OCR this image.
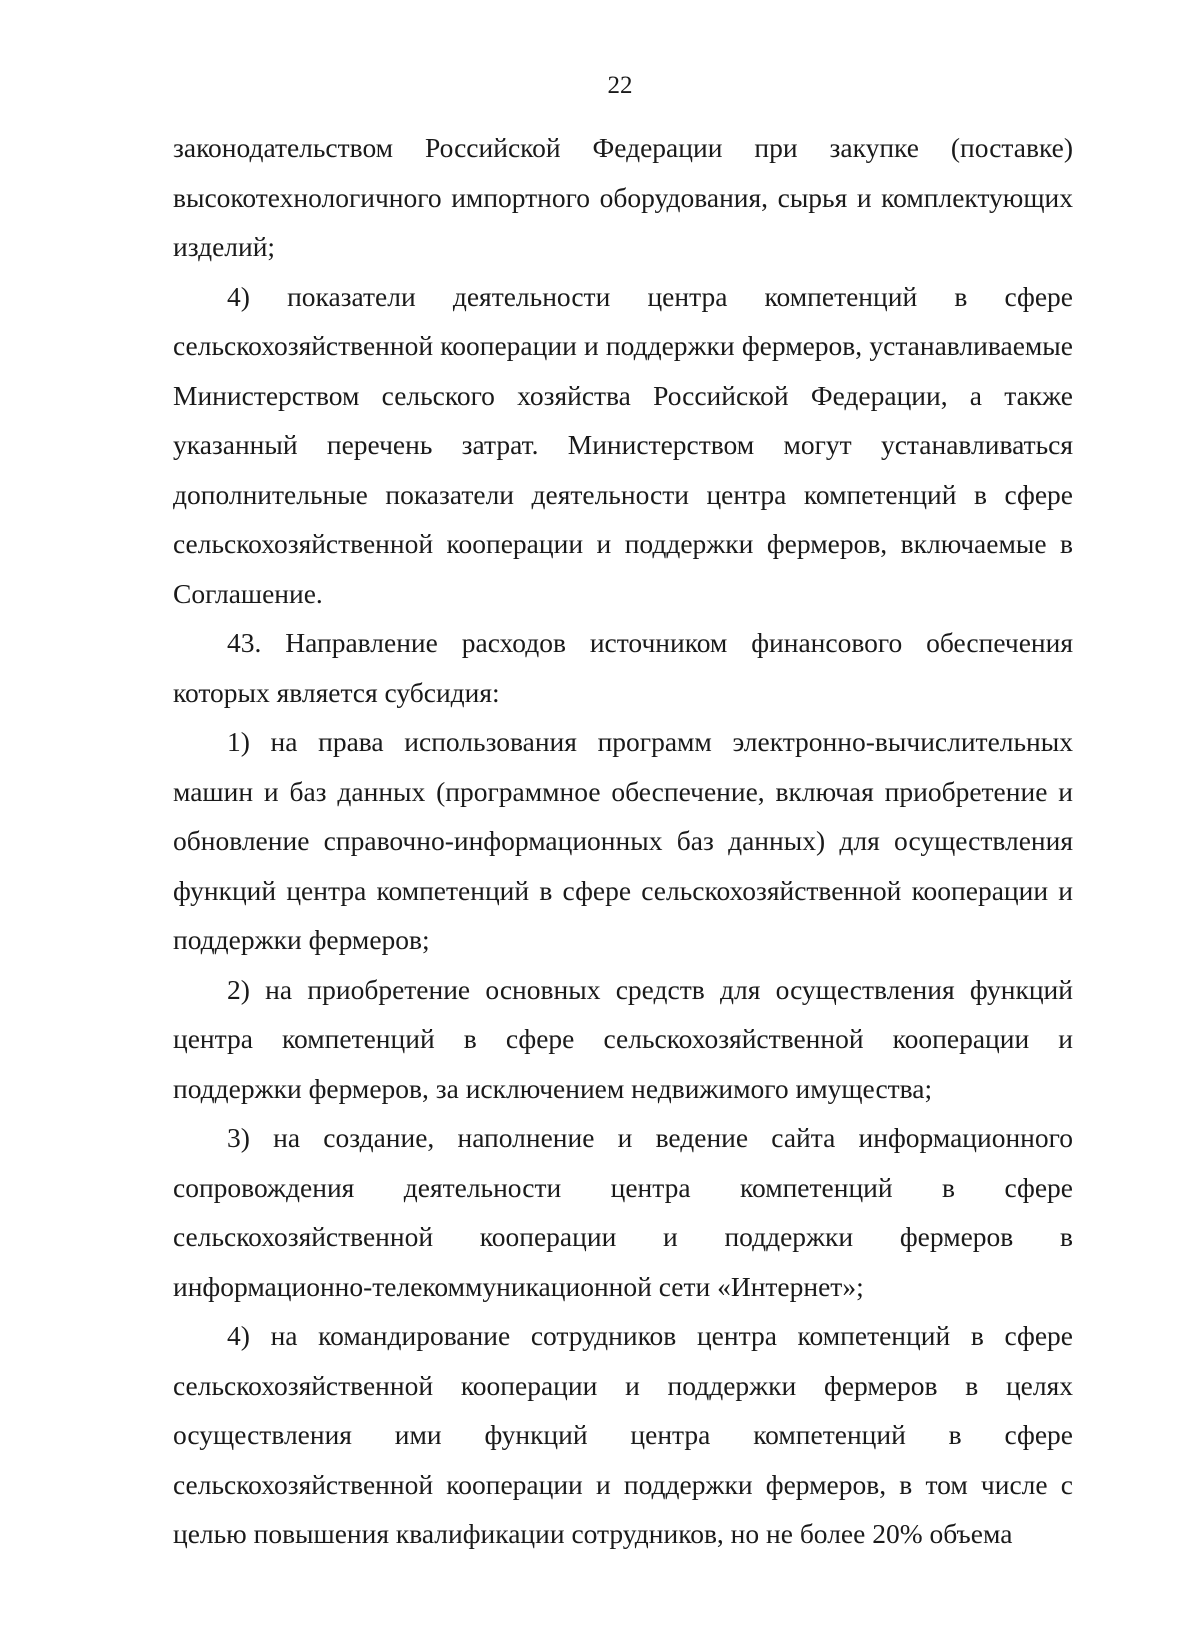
22

законодательством Российской Федерации при закупке (поставке) высокотехнологичного импортного оборудования, сырья и комплектующих изделий;

4) показатели деятельности центра компетенций в сфере сельскохозяйственной кооперации и поддержки фермеров, устанавливаемые Министерством сельского хозяйства Российской Федерации, а также указанный перечень затрат. Министерством могут устанавливаться дополнительные показатели деятельности центра компетенций в сфере сельскохозяйственной кооперации и поддержки фермеров, включаемые в Соглашение.

43. Направление расходов источником финансового обеспечения которых является субсидия:

1) на права использования программ электронно-вычислительных машин и баз данных (программное обеспечение, включая приобретение и обновление справочно-информационных баз данных) для осуществления функций центра компетенций в сфере сельскохозяйственной кооперации и поддержки фермеров;

2) на приобретение основных средств для осуществления функций центра компетенций в сфере сельскохозяйственной кооперации и поддержки фермеров, за исключением недвижимого имущества;

3) на создание, наполнение и ведение сайта информационного сопровождения деятельности центра компетенций в сфере сельскохозяйственной кооперации и поддержки фермеров в информационно-телекоммуникационной сети «Интернет»;

4) на командирование сотрудников центра компетенций в сфере сельскохозяйственной кооперации и поддержки фермеров в целях осуществления ими функций центра компетенций в сфере сельскохозяйственной кооперации и поддержки фермеров, в том числе с целью повышения квалификации сотрудников, но не более 20% объема
